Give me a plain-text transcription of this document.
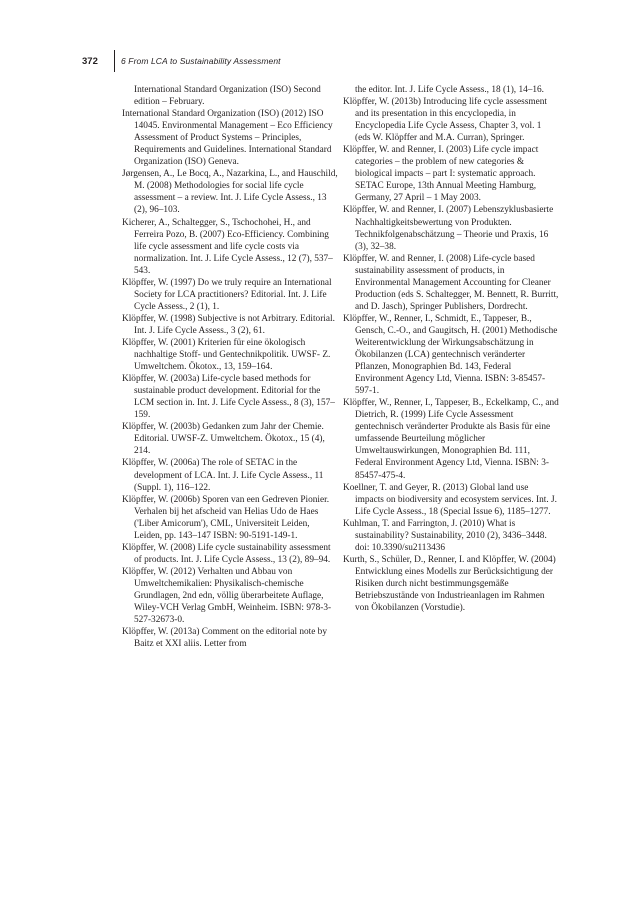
372	6 From LCA to Sustainability Assessment

International Standard Organization (ISO) Second edition – February.

International Standard Organization (ISO) (2012) ISO 14045. Environmental Management – Eco Efficiency Assessment of Product Systems – Principles, Requirements and Guidelines. International Standard Organization (ISO) Geneva.

Jørgensen, A., Le Bocq, A., Nazarkina, L., and Hauschild, M. (2008) Methodologies for social life cycle assessment – a review. Int. J. Life Cycle Assess., 13 (2), 96–103.

Kicherer, A., Schaltegger, S., Tschochohei, H., and Ferreira Pozo, B. (2007) Eco-Efficiency. Combining life cycle assessment and life cycle costs via normalization. Int. J. Life Cycle Assess., 12 (7), 537–543.

Klöpffer, W. (1997) Do we truly require an International Society for LCA practitioners? Editorial. Int. J. Life Cycle Assess., 2 (1), 1.

Klöpffer, W. (1998) Subjective is not Arbitrary. Editorial. Int. J. Life Cycle Assess., 3 (2), 61.

Klöpffer, W. (2001) Kriterien für eine ökologisch nachhaltige Stoff- und Gentechnikpolitik. UWSF- Z. Umweltchem. Ökotox., 13, 159–164.

Klöpffer, W. (2003a) Life-cycle based methods for sustainable product development. Editorial for the LCM section in. Int. J. Life Cycle Assess., 8 (3), 157–159.

Klöpffer, W. (2003b) Gedanken zum Jahr der Chemie. Editorial. UWSF-Z. Umweltchem. Ökotox., 15 (4), 214.

Klöpffer, W. (2006a) The role of SETAC in the development of LCA. Int. J. Life Cycle Assess., 11 (Suppl. 1), 116–122.

Klöpffer, W. (2006b) Sporen van een Gedreven Pionier. Verhalen bij het afscheid van Helias Udo de Haes ('Liber Amicorum'), CML, Universiteit Leiden, Leiden, pp. 143–147 ISBN: 90-5191-149-1.

Klöpffer, W. (2008) Life cycle sustainability assessment of products. Int. J. Life Cycle Assess., 13 (2), 89–94.

Klöpffer, W. (2012) Verhalten und Abbau von Umweltchemikalien: Physikalisch-chemische Grundlagen, 2nd edn, völlig überarbeitete Auflage, Wiley-VCH Verlag GmbH, Weinheim. ISBN: 978-3-527-32673-0.

Klöpffer, W. (2013a) Comment on the editorial note by Baitz et XXI aliis. Letter from

the editor. Int. J. Life Cycle Assess., 18 (1), 14–16.

Klöpffer, W. (2013b) Introducing life cycle assessment and its presentation in this encyclopedia, in Encyclopedia Life Cycle Assess, Chapter 3, vol. 1 (eds W. Klöpffer and M.A. Curran), Springer.

Klöpffer, W. and Renner, I. (2003) Life cycle impact categories – the problem of new categories & biological impacts – part I: systematic approach. SETAC Europe, 13th Annual Meeting Hamburg, Germany, 27 April – 1 May 2003.

Klöpffer, W. and Renner, I. (2007) Lebenszyklusbasierte Nachhaltigkeitsbewertung von Produkten. Technikfolgenabschätzung – Theorie und Praxis, 16 (3), 32–38.

Klöpffer, W. and Renner, I. (2008) Life-cycle based sustainability assessment of products, in Environmental Management Accounting for Cleaner Production (eds S. Schaltegger, M. Bennett, R. Burritt, and D. Jasch), Springer Publishers, Dordrecht.

Klöpffer, W., Renner, I., Schmidt, E., Tappeser, B., Gensch, C.-O., and Gaugitsch, H. (2001) Methodische Weiterentwicklung der Wirkungsabschätzung in Ökobilanzen (LCA) gentechnisch veränderter Pflanzen, Monographien Bd. 143, Federal Environment Agency Ltd, Vienna. ISBN: 3-85457-597-1.

Klöpffer, W., Renner, I., Tappeser, B., Eckelkamp, C., and Dietrich, R. (1999) Life Cycle Assessment gentechnisch veränderter Produkte als Basis für eine umfassende Beurteilung möglicher Umweltauswirkungen, Monographien Bd. 111, Federal Environment Agency Ltd, Vienna. ISBN: 3-85457-475-4.

Koellner, T. and Geyer, R. (2013) Global land use impacts on biodiversity and ecosystem services. Int. J. Life Cycle Assess., 18 (Special Issue 6), 1185–1277.

Kuhlman, T. and Farrington, J. (2010) What is sustainability? Sustainability, 2010 (2), 3436–3448. doi: 10.3390/su2113436

Kurth, S., Schüler, D., Renner, I. and Klöpffer, W. (2004) Entwicklung eines Modells zur Berücksichtigung der Risiken durch nicht bestimmungsgemäße Betriebszustände von Industrieanlagen im Rahmen von Ökobilanzen (Vorstudie).
